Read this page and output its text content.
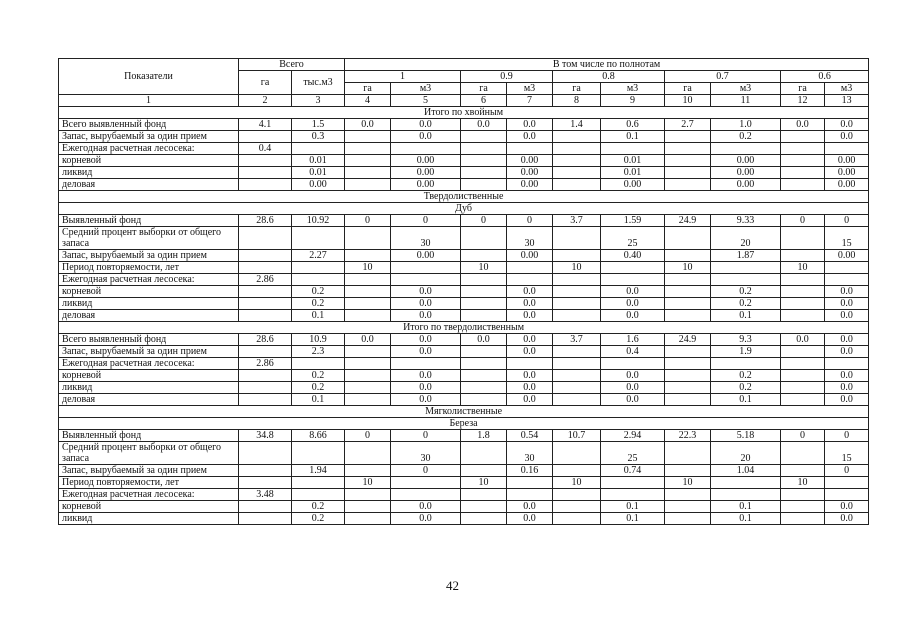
Показатели	Всего		В том числе по полнотам									
	га	тыс.м3	1		0.9		0.8		0.7		0.6	
			га	м3	га	м3	га	м3	га	м3	га	м3
1	2	3	4	5	6	7	8	9	10	11	12	13
Итого по хвойным												
Всего выявленный фонд	4.1	1.5	0.0	0.0	0.0	0.0	1.4	0.6	2.7	1.0	0.0	0.0
Запас, вырубаемый за один прием		0.3		0.0		0.0		0.1		0.2		0.0
Ежегодная расчетная лесосека:	0.4											
корневой		0.01		0.00		0.00		0.01		0.00		0.00
ликвид		0.01		0.00		0.00		0.01		0.00		0.00
деловая		0.00		0.00		0.00		0.00		0.00		0.00
Твердолиственные												
Дуб												
Выявленный фонд	28.6	10.92	0	0	0	0	3.7	1.59	24.9	9.33	0	0
Средний процент выборки от общего запаса				30		30		25		20		15
Запас, вырубаемый за один прием		2.27		0.00		0.00		0.40		1.87		0.00
Период повторяемости, лет			10		10		10		10		10	
Ежегодная расчетная лесосека:	2.86											
корневой		0.2		0.0		0.0		0.0		0.2		0.0
ликвид		0.2		0.0		0.0		0.0		0.2		0.0
деловая		0.1		0.0		0.0		0.0		0.1		0.0
Итого по твердолиственным												
Всего выявленный фонд	28.6	10.9	0.0	0.0	0.0	0.0	3.7	1.6	24.9	9.3	0.0	0.0
Запас, вырубаемый за один прием		2.3		0.0		0.0		0.4		1.9		0.0
Ежегодная расчетная лесосека:	2.86											
корневой		0.2		0.0		0.0		0.0		0.2		0.0
ликвид		0.2		0.0		0.0		0.0		0.2		0.0
деловая		0.1		0.0		0.0		0.0		0.1		0.0
Мягколиственные												
Береза												
Выявленный фонд	34.8	8.66	0	0	1.8	0.54	10.7	2.94	22.3	5.18	0	0
Средний процент выборки от общего запаса				30		30		25		20		15
Запас, вырубаемый за один прием		1.94		0		0.16		0.74		1.04		0
Период повторяемости, лет			10		10		10		10		10	
Ежегодная расчетная лесосека:	3.48											
корневой		0.2		0.0		0.0		0.1		0.1		0.0
ликвид		0.2		0.0		0.0		0.1		0.1		0.0
42
